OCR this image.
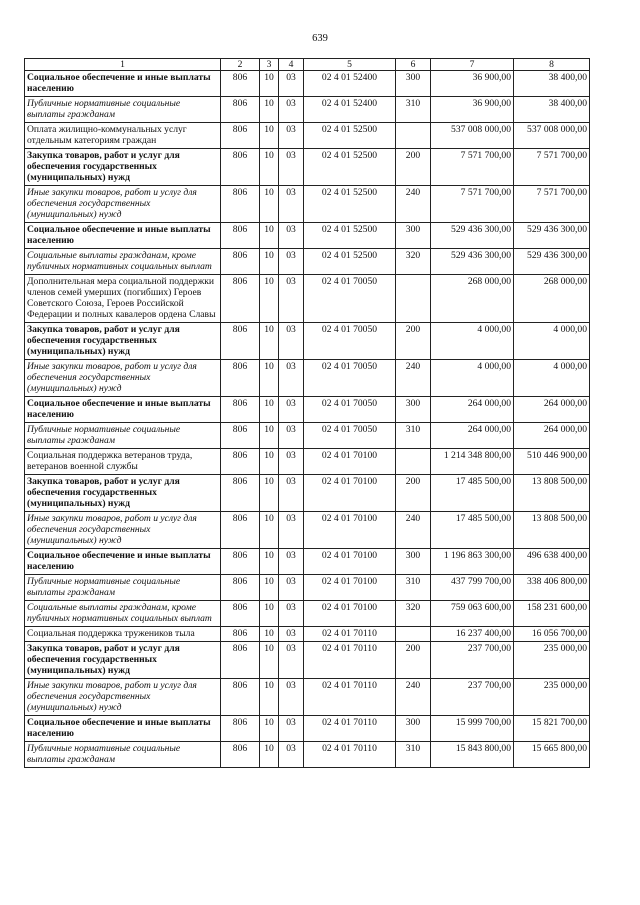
639
1	2	3	4	5	6	7	8
Социальное обеспечение и иные выплаты населению	806	10	03	02 4 01 52400	300	36 900,00	38 400,00
Публичные нормативные социальные выплаты гражданам	806	10	03	02 4 01 52400	310	36 900,00	38 400,00
Оплата жилищно-коммунальных услуг отдельным категориям граждан	806	10	03	02 4 01 52500		537 008 000,00	537 008 000,00
Закупка товаров, работ и услуг для обеспечения государственных (муниципальных) нужд	806	10	03	02 4 01 52500	200	7 571 700,00	7 571 700,00
Иные закупки товаров, работ и услуг для обеспечения государственных (муниципальных) нужд	806	10	03	02 4 01 52500	240	7 571 700,00	7 571 700,00
Социальное обеспечение и иные выплаты населению	806	10	03	02 4 01 52500	300	529 436 300,00	529 436 300,00
Социальные выплаты гражданам, кроме публичных нормативных социальных выплат	806	10	03	02 4 01 52500	320	529 436 300,00	529 436 300,00
Дополнительная мера социальной поддержки членов семей умерших (погибших) Героев Советского Союза, Героев Российской Федерации и полных кавалеров ордена Славы	806	10	03	02 4 01 70050		268 000,00	268 000,00
Закупка товаров, работ и услуг для обеспечения государственных (муниципальных) нужд	806	10	03	02 4 01 70050	200	4 000,00	4 000,00
Иные закупки товаров, работ и услуг для обеспечения государственных (муниципальных) нужд	806	10	03	02 4 01 70050	240	4 000,00	4 000,00
Социальное обеспечение и иные выплаты населению	806	10	03	02 4 01 70050	300	264 000,00	264 000,00
Публичные нормативные социальные выплаты гражданам	806	10	03	02 4 01 70050	310	264 000,00	264 000,00
Социальная поддержка ветеранов труда, ветеранов военной службы	806	10	03	02 4 01 70100		1 214 348 800,00	510 446 900,00
Закупка товаров, работ и услуг для обеспечения государственных (муниципальных) нужд	806	10	03	02 4 01 70100	200	17 485 500,00	13 808 500,00
Иные закупки товаров, работ и услуг для обеспечения государственных (муниципальных) нужд	806	10	03	02 4 01 70100	240	17 485 500,00	13 808 500,00
Социальное обеспечение и иные выплаты населению	806	10	03	02 4 01 70100	300	1 196 863 300,00	496 638 400,00
Публичные нормативные социальные выплаты гражданам	806	10	03	02 4 01 70100	310	437 799 700,00	338 406 800,00
Социальные выплаты гражданам, кроме публичных нормативных социальных выплат	806	10	03	02 4 01 70100	320	759 063 600,00	158 231 600,00
Социальная поддержка тружеников тыла	806	10	03	02 4 01 70110		16 237 400,00	16 056 700,00
Закупка товаров, работ и услуг для обеспечения государственных (муниципальных) нужд	806	10	03	02 4 01 70110	200	237 700,00	235 000,00
Иные закупки товаров, работ и услуг для обеспечения государственных (муниципальных) нужд	806	10	03	02 4 01 70110	240	237 700,00	235 000,00
Социальное обеспечение и иные выплаты населению	806	10	03	02 4 01 70110	300	15 999 700,00	15 821 700,00
Публичные нормативные социальные выплаты гражданам	806	10	03	02 4 01 70110	310	15 843 800,00	15 665 800,00
